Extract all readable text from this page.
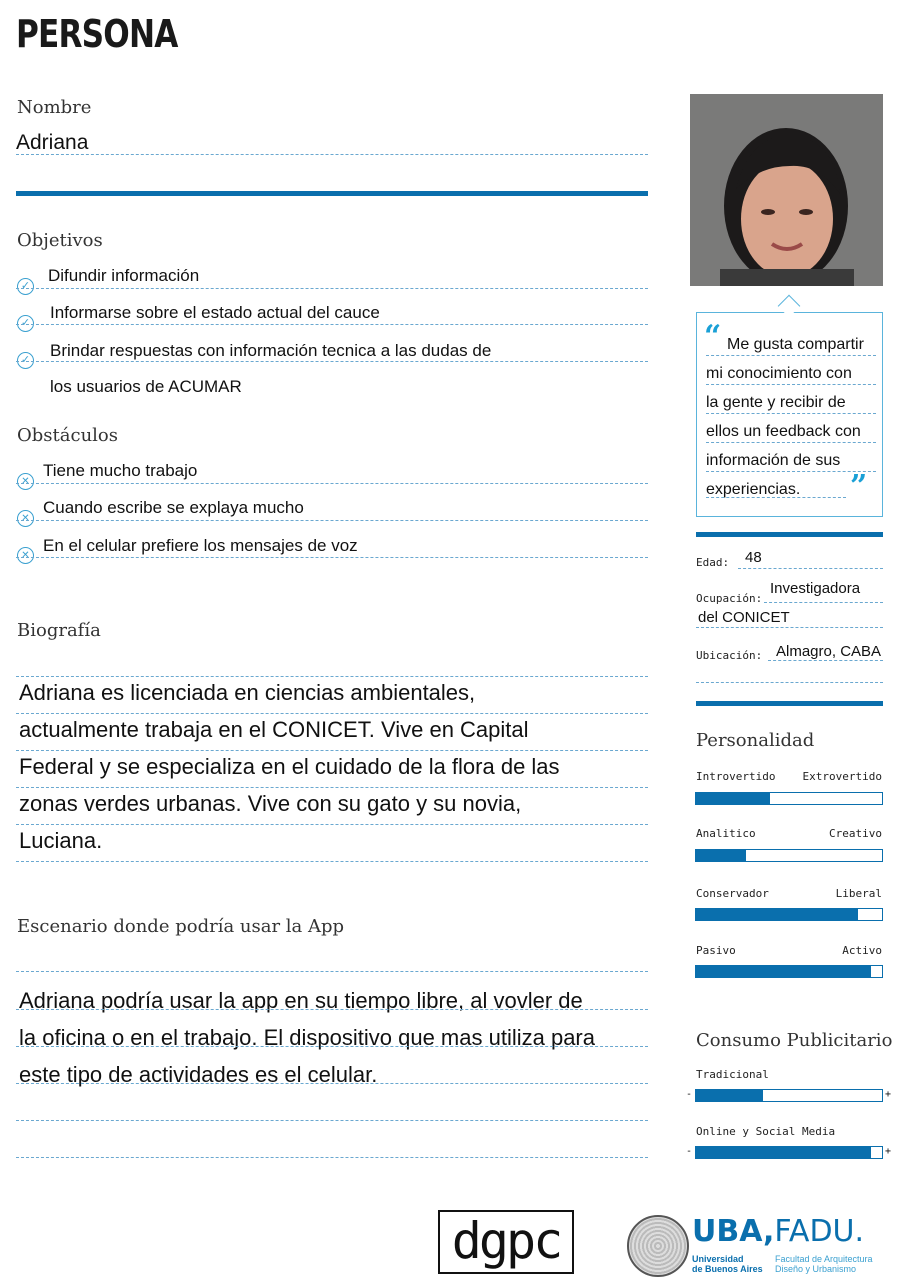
PERSONA
Nombre
Adriana
Objetivos
✓
Difundir información
✓
Informarse sobre el estado actual del cauce
✓ Brindar respuestas con información tecnica a las dudas de
los usuarios de ACUMAR
Obstáculos
✕
Tiene mucho trabajo
✕
Cuando escribe se explaya mucho
✕
En el celular prefiere los mensajes de voz
Biografía
Adriana es licenciada en ciencias ambientales,
actualmente trabaja en el CONICET. Vive en Capital
Federal y se especializa en el cuidado de la flora de las
zonas verdes urbanas. Vive con su gato y su novia,
Luciana.
Escenario donde podría usar la App
Adriana podría usar la app en su tiempo libre, al vovler de
la oficina o en el trabajo. El dispositivo que mas utiliza para
este tipo de actividades es el celular.
“ Me gusta compartir
mi conocimiento con
la gente y recibir de
ellos un feedback con
información de sus
experiencias. ”
Edad: 48
Ocupación:
Investigadora
del CONICET
Ubicación: Almagro, CABA
Personalidad
Introvertido Extrovertido
Analitico	Creativo
Conservador	Liberal
Pasivo	Activo
Consumo Publicitario
Tradicional
-	+
Online y Social Media
-	+
dgpc	UBA,FADU.
Universidad
de Buenos Aires
Facultad de Arquitectura
Diseño y Urbanismo
